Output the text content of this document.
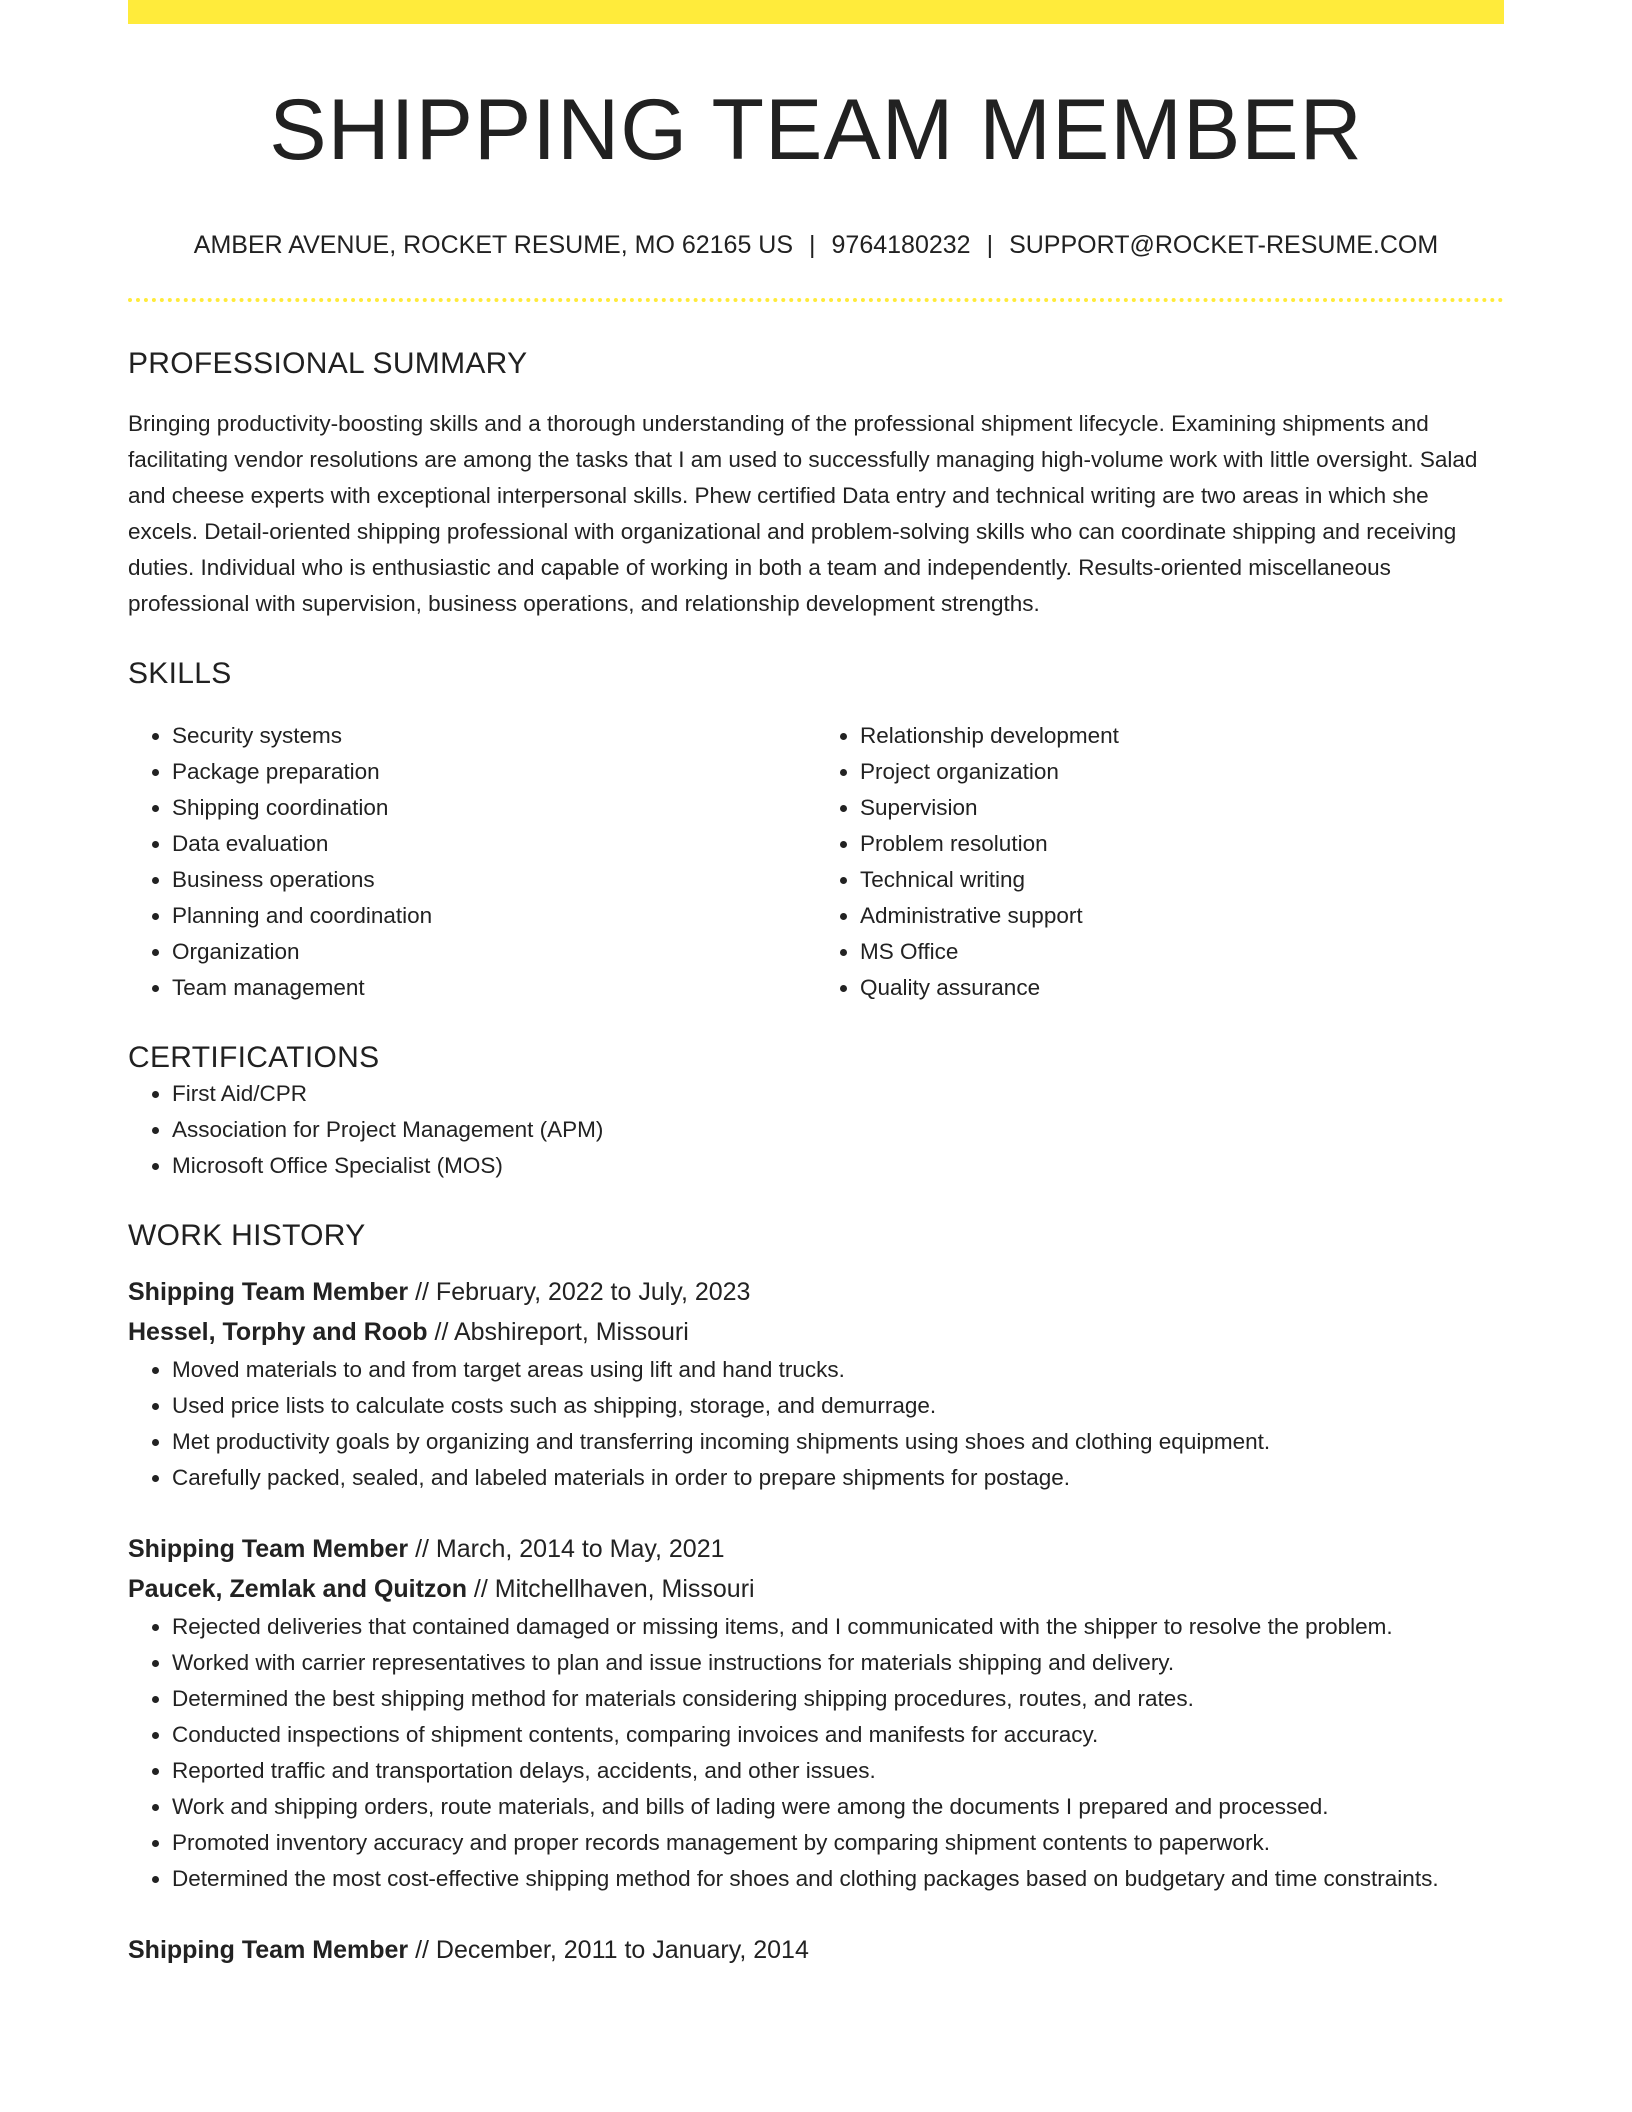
SHIPPING TEAM MEMBER
AMBER AVENUE, ROCKET RESUME, MO 62165 US | 9764180232 | SUPPORT@ROCKET-RESUME.COM
PROFESSIONAL SUMMARY
Bringing productivity-boosting skills and a thorough understanding of the professional shipment lifecycle. Examining shipments and facilitating vendor resolutions are among the tasks that I am used to successfully managing high-volume work with little oversight. Salad and cheese experts with exceptional interpersonal skills. Phew certified Data entry and technical writing are two areas in which she excels. Detail-oriented shipping professional with organizational and problem-solving skills who can coordinate shipping and receiving duties. Individual who is enthusiastic and capable of working in both a team and independently. Results-oriented miscellaneous professional with supervision, business operations, and relationship development strengths.
SKILLS
• Security systems
• Package preparation
• Shipping coordination
• Data evaluation
• Business operations
• Planning and coordination
• Organization
• Team management
• Relationship development
• Project organization
• Supervision
• Problem resolution
• Technical writing
• Administrative support
• MS Office
• Quality assurance
CERTIFICATIONS
• First Aid/CPR
• Association for Project Management (APM)
• Microsoft Office Specialist (MOS)
WORK HISTORY
Shipping Team Member // February, 2022 to July, 2023
Hessel, Torphy and Roob // Abshireport, Missouri
• Moved materials to and from target areas using lift and hand trucks.
• Used price lists to calculate costs such as shipping, storage, and demurrage.
• Met productivity goals by organizing and transferring incoming shipments using shoes and clothing equipment.
• Carefully packed, sealed, and labeled materials in order to prepare shipments for postage.
Shipping Team Member // March, 2014 to May, 2021
Paucek, Zemlak and Quitzon // Mitchellhaven, Missouri
• Rejected deliveries that contained damaged or missing items, and I communicated with the shipper to resolve the problem.
• Worked with carrier representatives to plan and issue instructions for materials shipping and delivery.
• Determined the best shipping method for materials considering shipping procedures, routes, and rates.
• Conducted inspections of shipment contents, comparing invoices and manifests for accuracy.
• Reported traffic and transportation delays, accidents, and other issues.
• Work and shipping orders, route materials, and bills of lading were among the documents I prepared and processed.
• Promoted inventory accuracy and proper records management by comparing shipment contents to paperwork.
• Determined the most cost-effective shipping method for shoes and clothing packages based on budgetary and time constraints.
Shipping Team Member // December, 2011 to January, 2014
